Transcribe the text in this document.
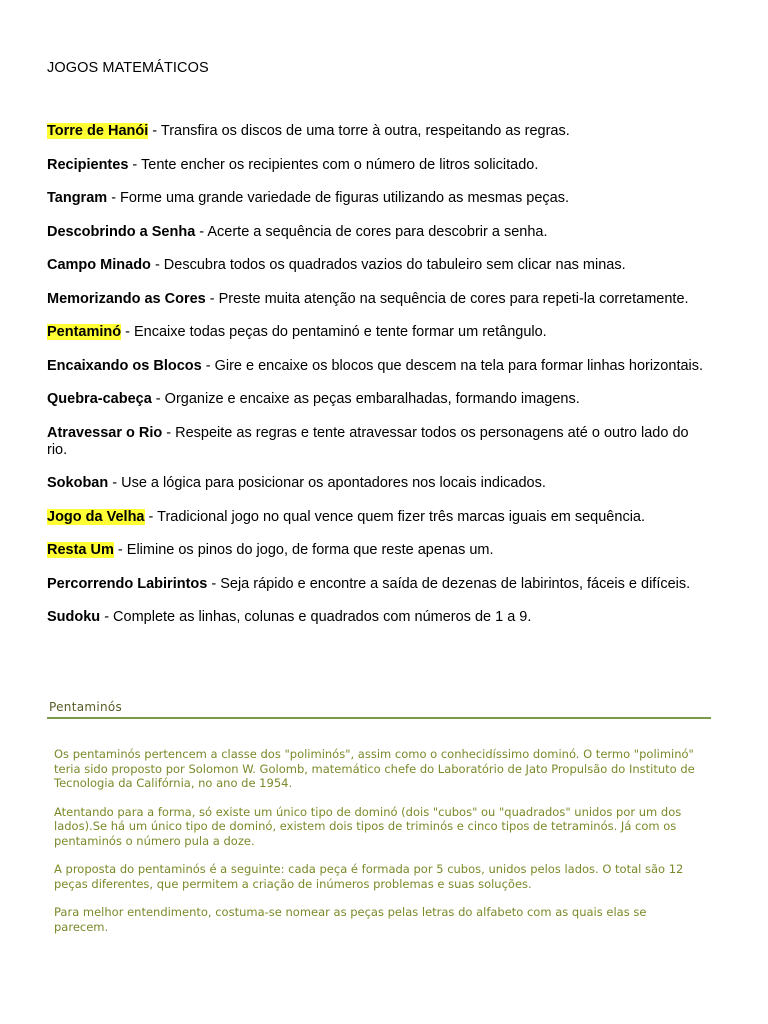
JOGOS MATEMÁTICOS
Torre de Hanói - Transfira os discos de uma torre à outra, respeitando as regras.
Recipientes - Tente encher os recipientes com o número de litros solicitado.
Tangram - Forme uma grande variedade de figuras utilizando as mesmas peças.
Descobrindo a Senha - Acerte a sequência de cores para descobrir a senha.
Campo Minado - Descubra todos os quadrados vazios do tabuleiro sem clicar nas minas.
Memorizando as Cores - Preste muita atenção na sequência de cores para repeti-la corretamente.
Pentaminó - Encaixe todas peças do pentaminó e tente formar um retângulo.
Encaixando os Blocos - Gire e encaixe os blocos que descem na tela para formar linhas horizontais.
Quebra-cabeça - Organize e encaixe as peças embaralhadas, formando imagens.
Atravessar o Rio - Respeite as regras e tente atravessar todos os personagens até o outro lado do rio.
Sokoban - Use a lógica para posicionar os apontadores nos locais indicados.
Jogo da Velha - Tradicional jogo no qual vence quem fizer três marcas iguais em sequência.
Resta Um - Elimine os pinos do jogo, de forma que reste apenas um.
Percorrendo Labirintos - Seja rápido e encontre a saída de dezenas de labirintos, fáceis e difíceis.
Sudoku - Complete as linhas, colunas e quadrados com números de 1 a 9.
Pentaminós

Os pentaminós pertencem a classe dos "poliminós", assim como o conhecidíssimo dominó. O termo "poliminó" teria sido proposto por Solomon W. Golomb, matemático chefe do Laboratório de Jato Propulsão do Instituto de Tecnologia da Califórnia, no ano de 1954.

Atentando para a forma, só existe um único tipo de dominó (dois "cubos" ou "quadrados" unidos por um dos lados).Se há um único tipo de dominó, existem dois tipos de triminós e cinco tipos de tetraminós. Já com os pentaminós o número pula a doze.

A proposta do pentaminós é a seguinte: cada peça é formada por 5 cubos, unidos pelos lados. O total são 12 peças diferentes, que permitem a criação de inúmeros problemas e suas soluções.

Para melhor entendimento, costuma-se nomear as peças pelas letras do alfabeto com as quais elas se parecem.
